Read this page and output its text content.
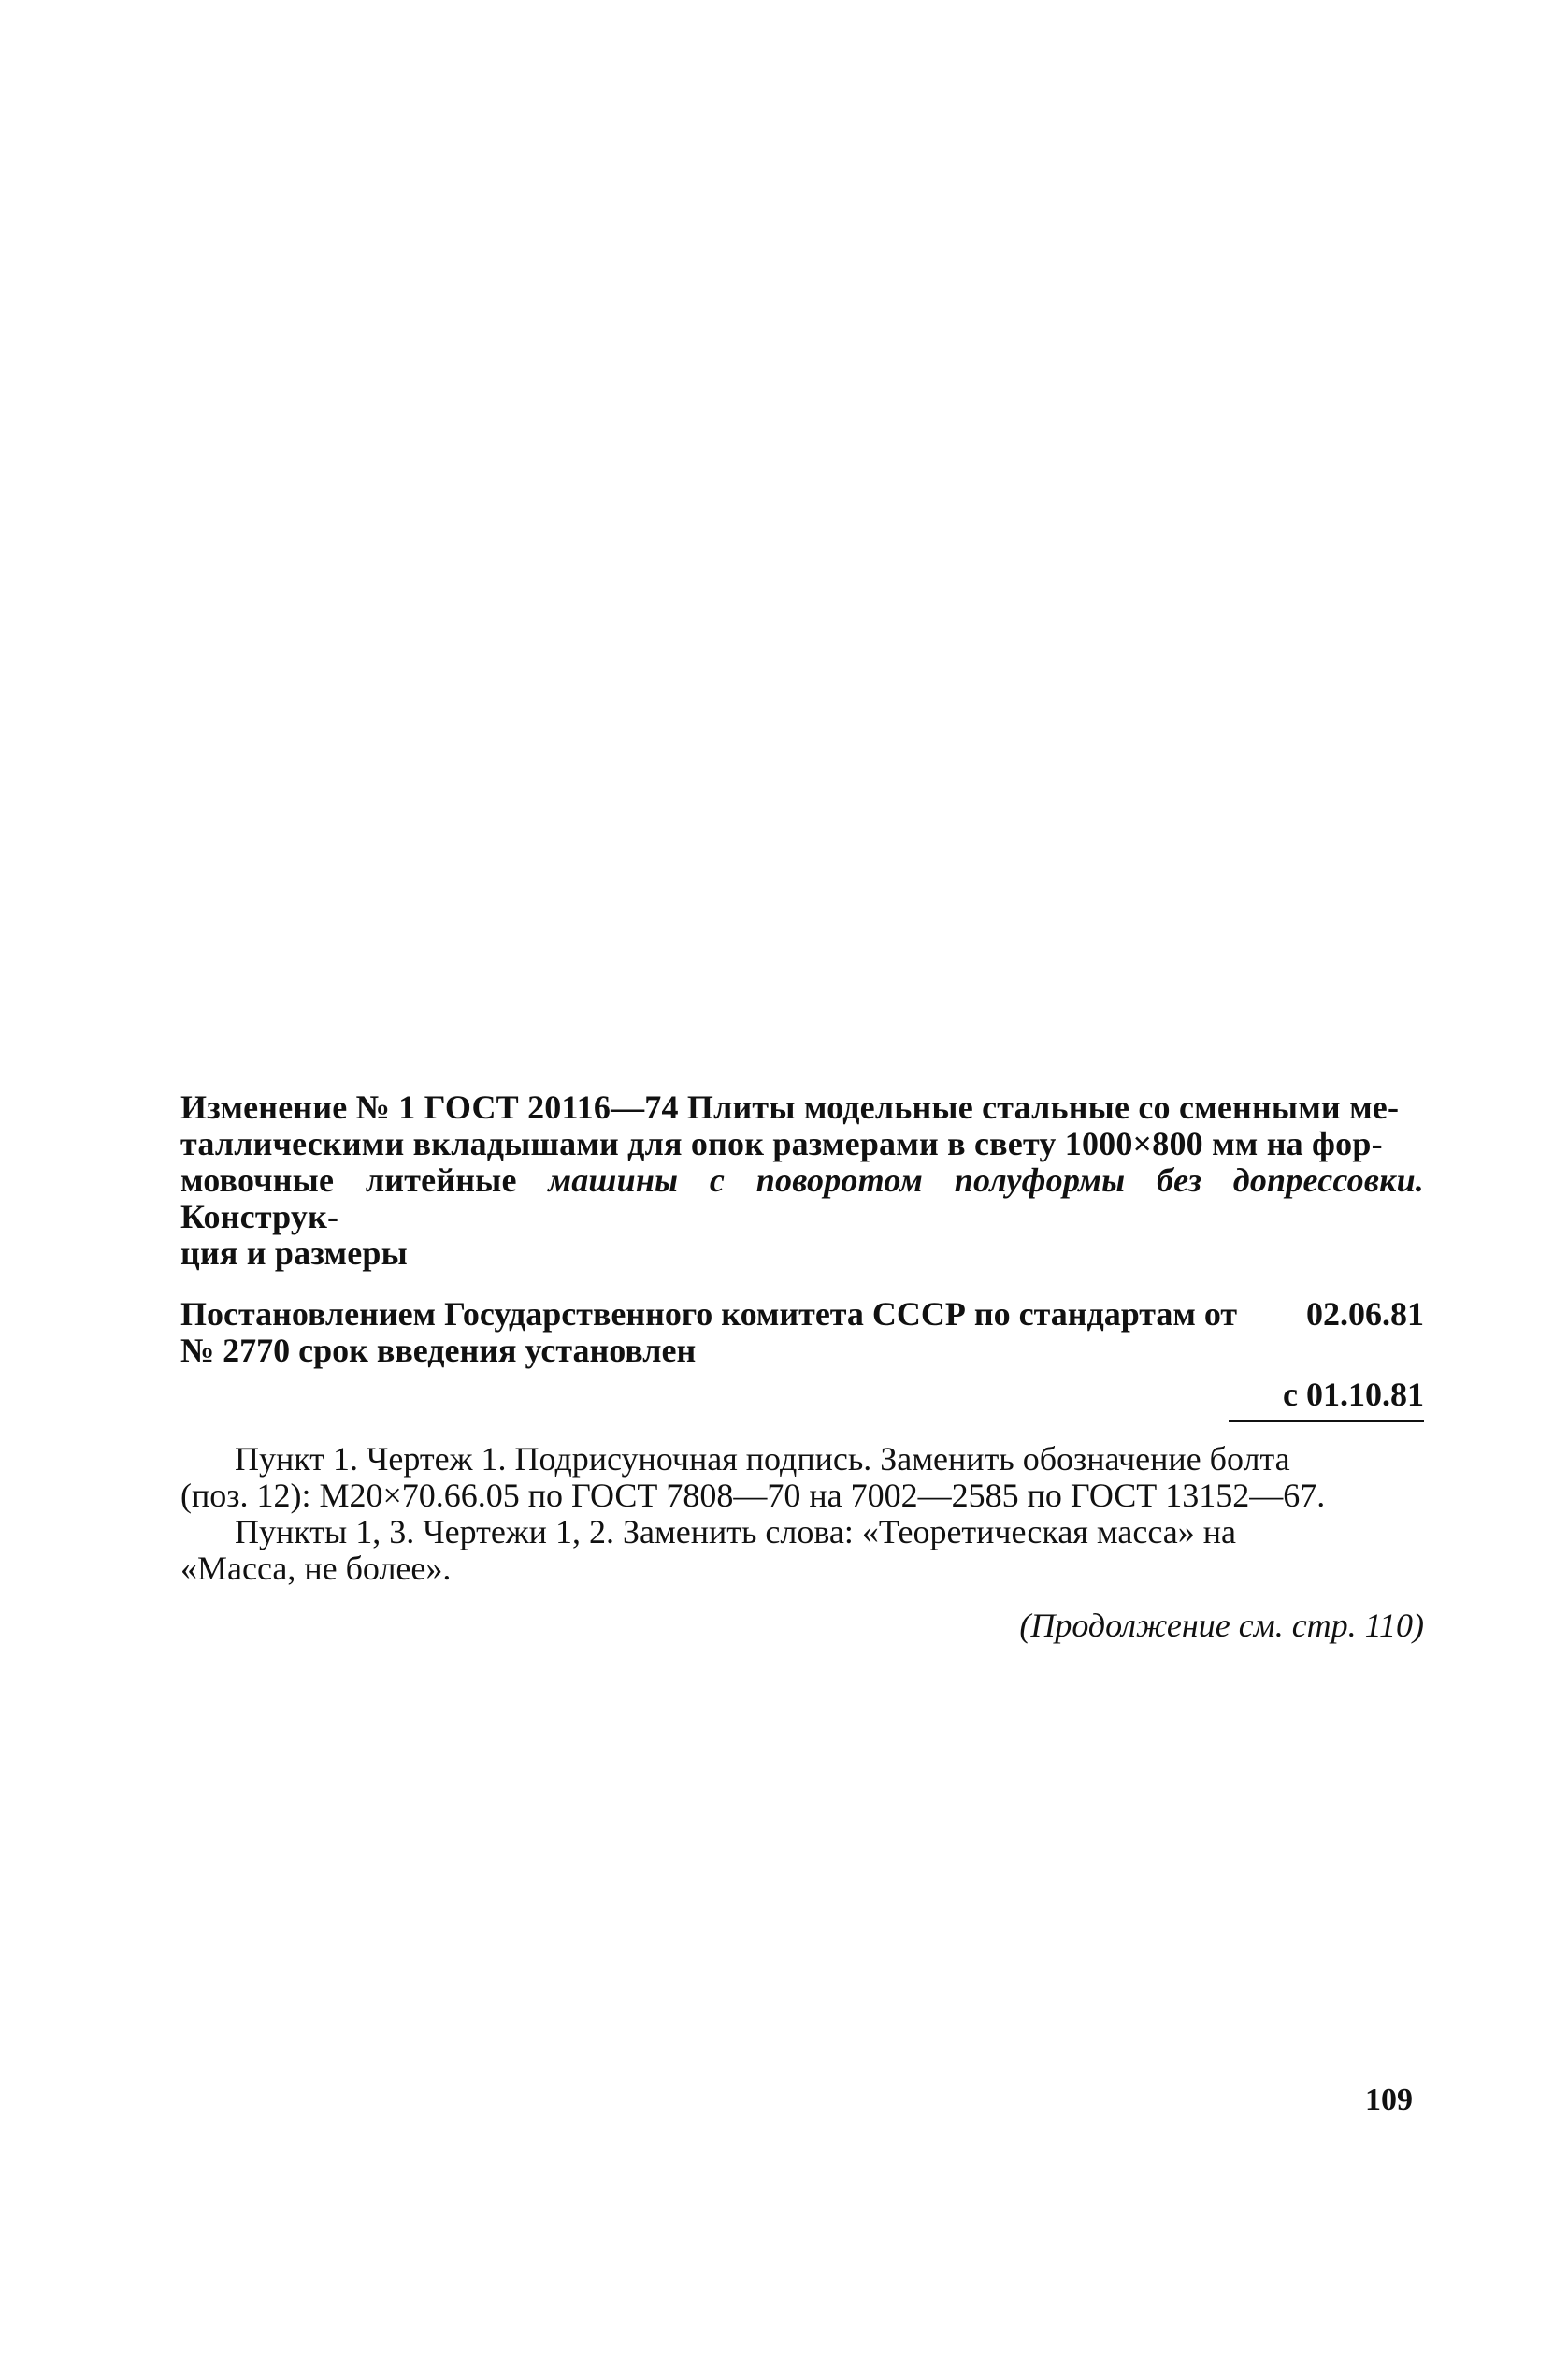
Изменение № 1 ГОСТ 20116—74 Плиты модельные стальные со сменными ме-
таллическими вкладышами для опок размерами в свету 1000×800 мм на фор-
мовочные литейные машины с поворотом полуформы без допрессовки. Конструк-
ция и размеры
Постановлением Государственного комитета СССР по стандартам от 02.06.81
№ 2770 срок введения установлен
с 01.10.81
Пункт 1. Чертеж 1. Подрисуночная подпись. Заменить обозначение болта
(поз. 12): М20×70.66.05 по ГОСТ 7808—70 на 7002—2585 по ГОСТ 13152—67.
Пункты 1, 3. Чертежи 1, 2. Заменить слова: «Теоретическая масса» на
«Масса, не более».
(Продолжение см. стр. 110)
109
